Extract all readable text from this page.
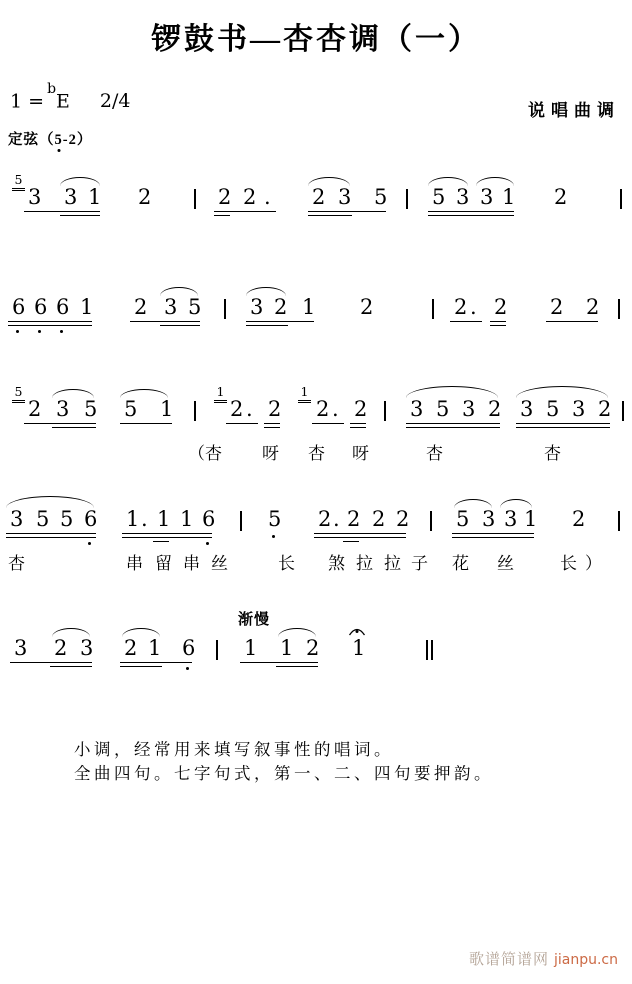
锣鼓书—杏杏调（一）
1 =$^b$E 2/4	说唱曲调
定弦（5-2）
5
3 3 1 2	2 2 . 2 3 5 5 3 3 1 2
6 6 6 1 2 3 5 3 2 1 2	2 . 2 2 2
5
2 3 5 5 1
1
2 . 2
1
2 . 2 3 5 3 2 3 5 3 2
（杏 呀 杏 呀	杏	杏
3 5 5 6 1 . 1 1 6	5 2 . 2 2 2 5 3 3 1 2
杏	串 留 串 丝	长 煞 拉 拉 子 花 丝	长 ）
3 2 3 2 1 6
渐慢
1 1 2 1
小调，经常用来填写叙事性的唱词。
全曲四句。七字句式，第一、二、四句要押韵。
歌谱简谱网 jianpu.cn
